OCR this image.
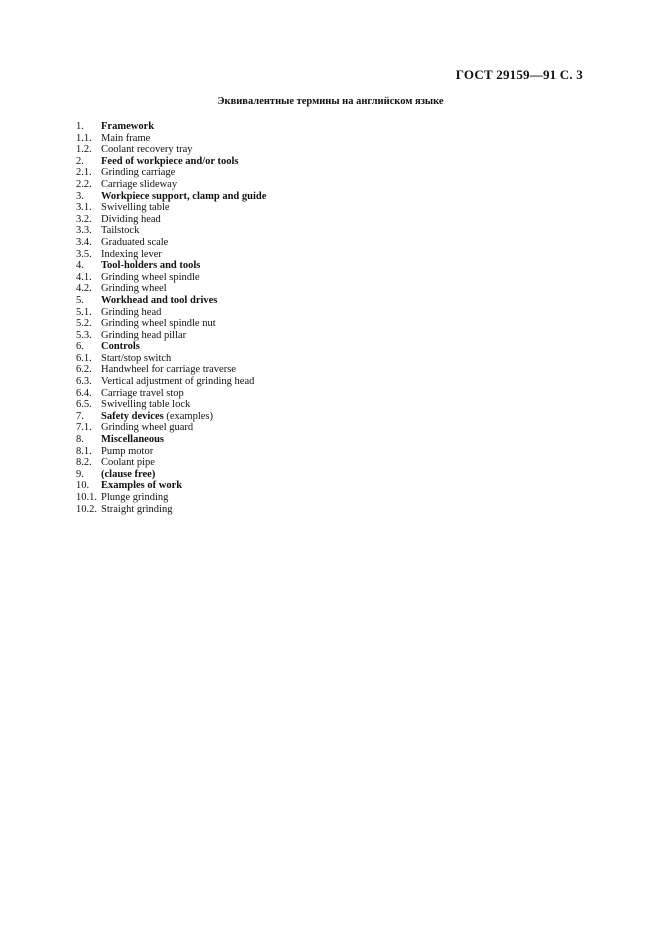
ГОСТ 29159—91 С. 3
Эквивалентные термины на английском языке
1.	Framework
1.1. Main frame
1.2. Coolant recovery tray
2.	Feed of workpiece and/or tools
2.1. Grinding carriage
2.2. Carriage slideway
3.	Workpiece support, clamp and guide
3.1. Swivelling table
3.2. Dividing head
3.3. Tailstock
3.4. Graduated scale
3.5. Indexing lever
4.	Tool-holders and tools
4.1. Grinding wheel spindle
4.2. Grinding wheel
5.	Workhead and tool drives
5.1. Grinding head
5.2. Grinding wheel spindle nut
5.3. Grinding head pillar
6.	Controls
6.1. Start/stop switch
6.2. Handwheel for carriage traverse
6.3. Vertical adjustment of grinding head
6.4. Carriage travel stop
6.5. Swivelling table lock
7.	Safety devices (examples)
7.1. Grinding wheel guard
8.	Miscellaneous
8.1. Pump motor
8.2. Coolant pipe
9.	(clause free)
10.	Examples of work
10.1. Plunge grinding
10.2. Straight grinding
